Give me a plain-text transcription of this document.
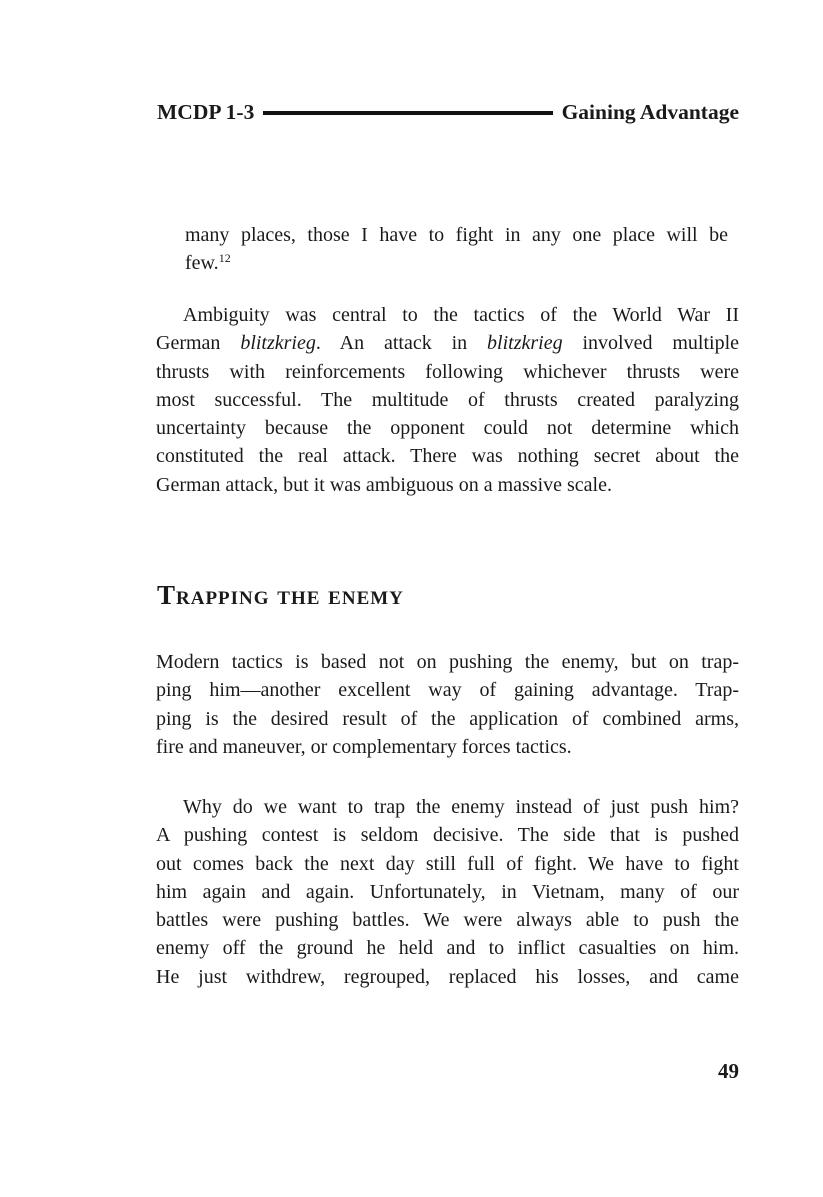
MCDP 1-3	Gaining Advantage
many places, those I have to fight in any one place will be
few.$^{12}$
Ambiguity was central to the tactics of the World War II
German blitzkrieg. An attack in blitzkrieg involved multiple
thrusts with reinforcements following whichever thrusts were
most successful. The multitude of thrusts created paralyzing
uncertainty because the opponent could not determine which
constituted the real attack. There was nothing secret about the
German attack, but it was ambiguous on a massive scale.
Trapping the enemy
Modern tactics is based not on pushing the enemy, but on trap-
ping him—another excellent way of gaining advantage. Trap-
ping is the desired result of the application of combined arms,
fire and maneuver, or complementary forces tactics.
Why do we want to trap the enemy instead of just push him?
A pushing contest is seldom decisive. The side that is pushed
out comes back the next day still full of fight. We have to fight
him again and again. Unfortunately, in Vietnam, many of our
battles were pushing battles. We were always able to push the
enemy off the ground he held and to inflict casualties on him.
He just withdrew, regrouped, replaced his losses, and came
49
